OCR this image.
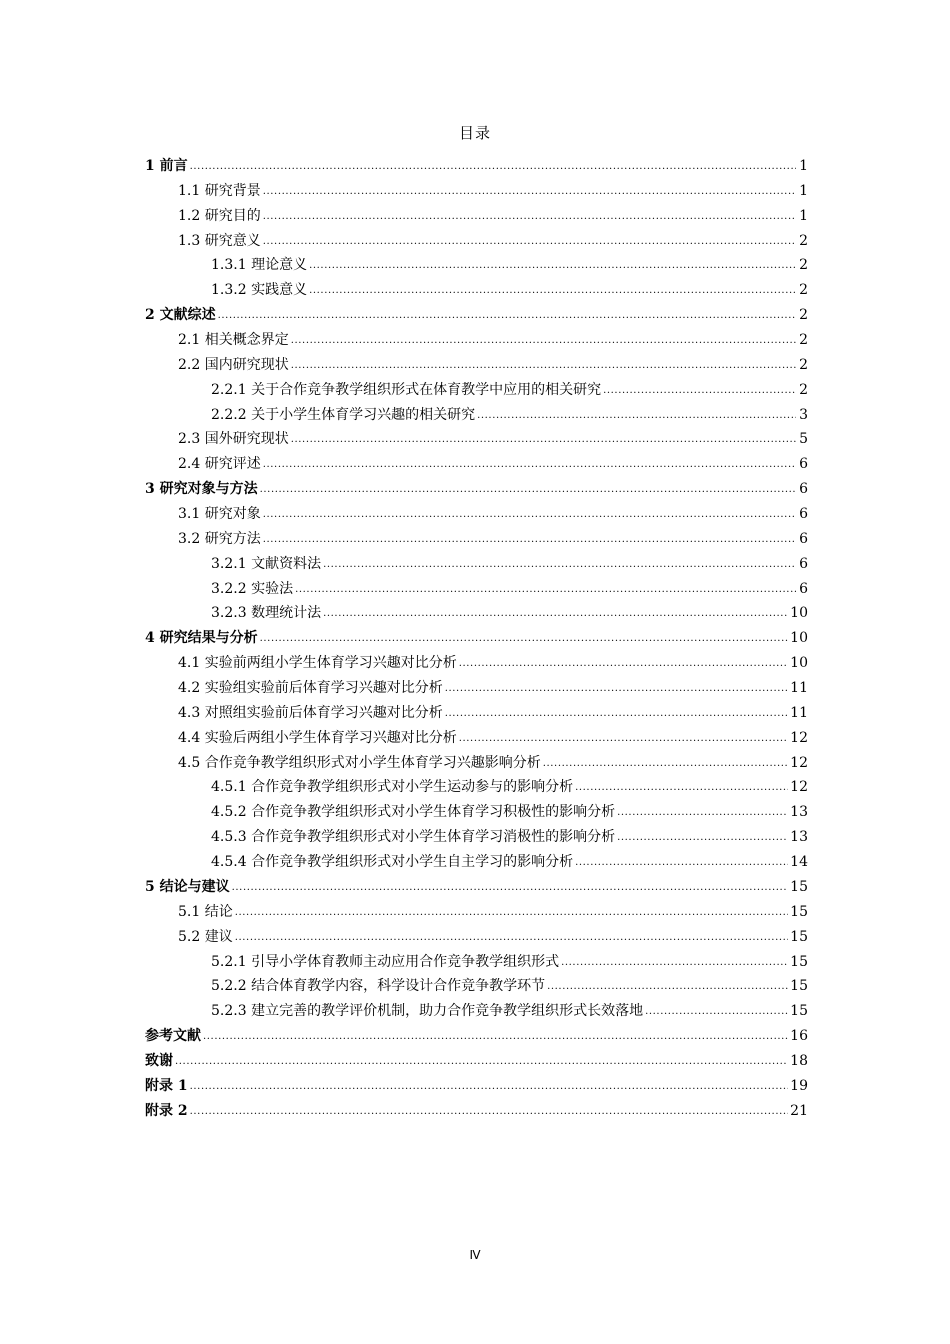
目录
1 前言 .....	1
1.1 研究背景 .....	1
1.2 研究目的 .....	1
1.3 研究意义 .....	2
1.3.1 理论意义 .....	2
1.3.2 实践意义 .....	2
2 文献综述 .....	2
2.1 相关概念界定 .....	2
2.2 国内研究现状 .....	2
2.2.1 关于合作竞争教学组织形式在体育教学中应用的相关研究 .....	2
2.2.2 关于小学生体育学习兴趣的相关研究 .....	3
2.3 国外研究现状 .....	5
2.4 研究评述 .....	6
3 研究对象与方法 .....	6
3.1 研究对象 .....	6
3.2 研究方法 .....	6
3.2.1 文献资料法 .....	6
3.2.2 实验法 .....	6
3.2.3 数理统计法 .....	10
4 研究结果与分析 .....	10
4.1 实验前两组小学生体育学习兴趣对比分析 .....	10
4.2 实验组实验前后体育学习兴趣对比分析 .....	11
4.3 对照组实验前后体育学习兴趣对比分析 .....	11
4.4 实验后两组小学生体育学习兴趣对比分析 .....	12
4.5 合作竞争教学组织形式对小学生体育学习兴趣影响分析 .....	12
4.5.1 合作竞争教学组织形式对小学生运动参与的影响分析 .....	12
4.5.2 合作竞争教学组织形式对小学生体育学习积极性的影响分析 .....	13
4.5.3 合作竞争教学组织形式对小学生体育学习消极性的影响分析 .....	13
4.5.4 合作竞争教学组织形式对小学生自主学习的影响分析 .....	14
5 结论与建议 .....	15
5.1 结论 .....	15
5.2 建议 .....	15
5.2.1 引导小学体育教师主动应用合作竞争教学组织形式 .....	15
5.2.2 结合体育教学内容，科学设计合作竞争教学环节 .....	15
5.2.3 建立完善的教学评价机制，助力合作竞争教学组织形式长效落地 .....	15
参考文献 .....	16
致谢 .....	18
附录 1 .....	19
附录 2 .....	21
Ⅳ
